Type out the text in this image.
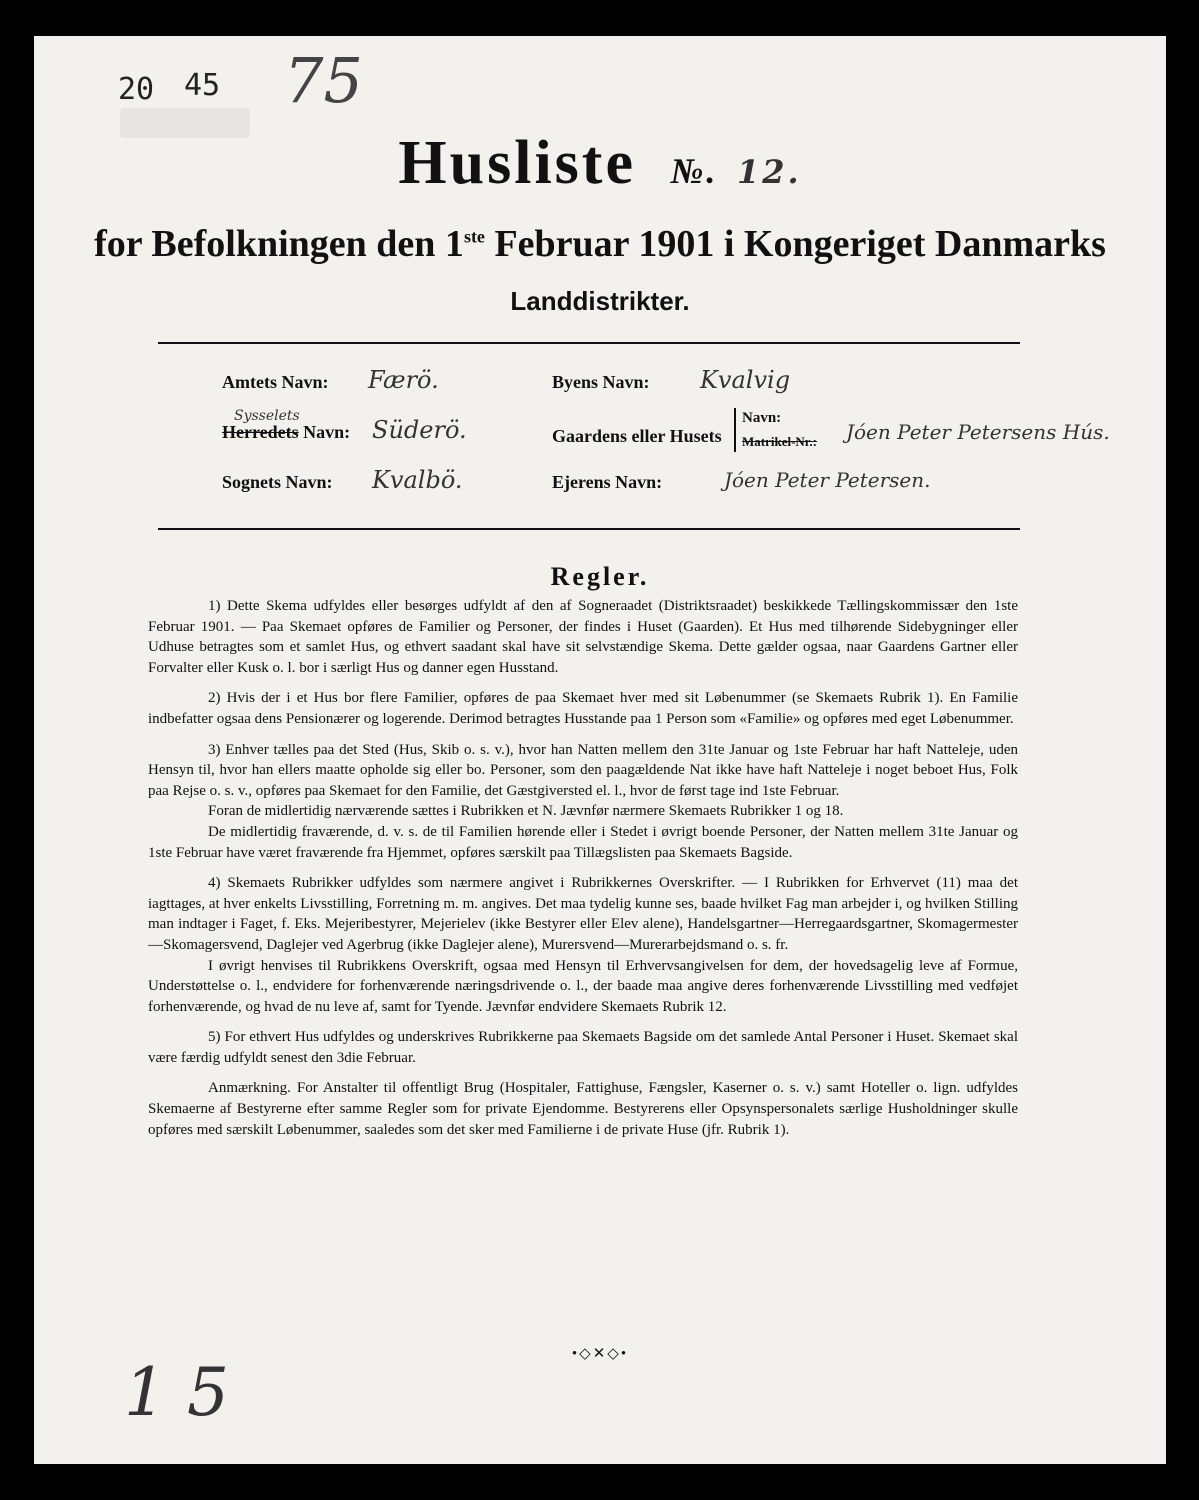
20 45 75
Husliste №. 12.
for Befolkningen den 1ste Februar 1901 i Kongeriget Danmarks
Landdistrikter.
Amtets Navn: Færö.
Herredets Navn:
Sysselets	Süderö.
Sognets Navn: Kvalbö.
Byens Navn: Kvalvig
Gaardens eller Husets
Navn:
Matrikel-Nr.: Jóen Peter Petersens Hús.
Ejerens Navn:	Jóen Peter Petersen.
Regler.

1) Dette Skema udfyldes eller besørges udfyldt af den af Sogneraadet (Distriktsraadet) beskikkede Tællingskommissær den 1ste Februar 1901. — Paa Skemaet opføres de Familier og Personer, der findes i Huset (Gaarden). Et Hus med tilhørende Sidebygninger eller Udhuse betragtes som et samlet Hus, og ethvert saadant skal have sit selvstændige Skema. Dette gælder ogsaa, naar Gaardens Gartner eller Forvalter eller Kusk o. l. bor i særligt Hus og danner egen Husstand.

2) Hvis der i et Hus bor flere Familier, opføres de paa Skemaet hver med sit Løbenummer (se Skemaets Rubrik 1). En Familie indbefatter ogsaa dens Pensionærer og logerende. Derimod betragtes Husstande paa 1 Person som «Familie» og opføres med eget Løbenummer.

3) Enhver tælles paa det Sted (Hus, Skib o. s. v.), hvor han Natten mellem den 31te Januar og 1ste Februar har haft Natteleje, uden Hensyn til, hvor han ellers maatte opholde sig eller bo. Personer, som den paagældende Nat ikke have haft Natteleje i noget beboet Hus, Folk paa Rejse o. s. v., opføres paa Skemaet for den Familie, det Gæstgiversted el. l., hvor de først tage ind 1ste Februar.

Foran de midlertidig nærværende sættes i Rubrikken et N. Jævnfør nærmere Skemaets Rubrikker 1 og 18.

De midlertidig fraværende, d. v. s. de til Familien hørende eller i Stedet i øvrigt boende Personer, der Natten mellem 31te Januar og 1ste Februar have været fraværende fra Hjemmet, opføres særskilt paa Tillægslisten paa Skemaets Bagside.

4) Skemaets Rubrikker udfyldes som nærmere angivet i Rubrikkernes Overskrifter. — I Rubrikken for Erhvervet (11) maa det iagttages, at hver enkelts Livsstilling, Forretning m. m. angives. Det maa tydelig kunne ses, baade hvilket Fag man arbejder i, og hvilken Stilling man indtager i Faget, f. Eks. Mejeribestyrer, Mejerielev (ikke Bestyrer eller Elev alene), Handelsgartner—Herregaardsgartner, Skomagermester—Skomagersvend, Daglejer ved Agerbrug (ikke Daglejer alene), Murersvend—Murerarbejdsmand o. s. fr.

I øvrigt henvises til Rubrikkens Overskrift, ogsaa med Hensyn til Erhvervsangivelsen for dem, der hovedsagelig leve af Formue, Understøttelse o. l., endvidere for forhenværende næringsdrivende o. l., der baade maa angive deres forhenværende Livsstilling med vedføjet forhenværende, og hvad de nu leve af, samt for Tyende. Jævnfør endvidere Skemaets Rubrik 12.

5) For ethvert Hus udfyldes og underskrives Rubrikkerne paa Skemaets Bagside om det samlede Antal Personer i Huset. Skemaet skal være færdig udfyldt senest den 3die Februar.

Anmærkning. For Anstalter til offentligt Brug (Hospitaler, Fattighuse, Fængsler, Kaserner o. s. v.) samt Hoteller o. lign. udfyldes Skemaerne af Bestyrerne efter samme Regler som for private Ejendomme. Bestyrerens eller Opsynspersonalets særlige Husholdninger skulle opføres med særskilt Løbenummer, saaledes som det sker med Familierne i de private Huse (jfr. Rubrik 1).

•◇✕◇•
1 5
